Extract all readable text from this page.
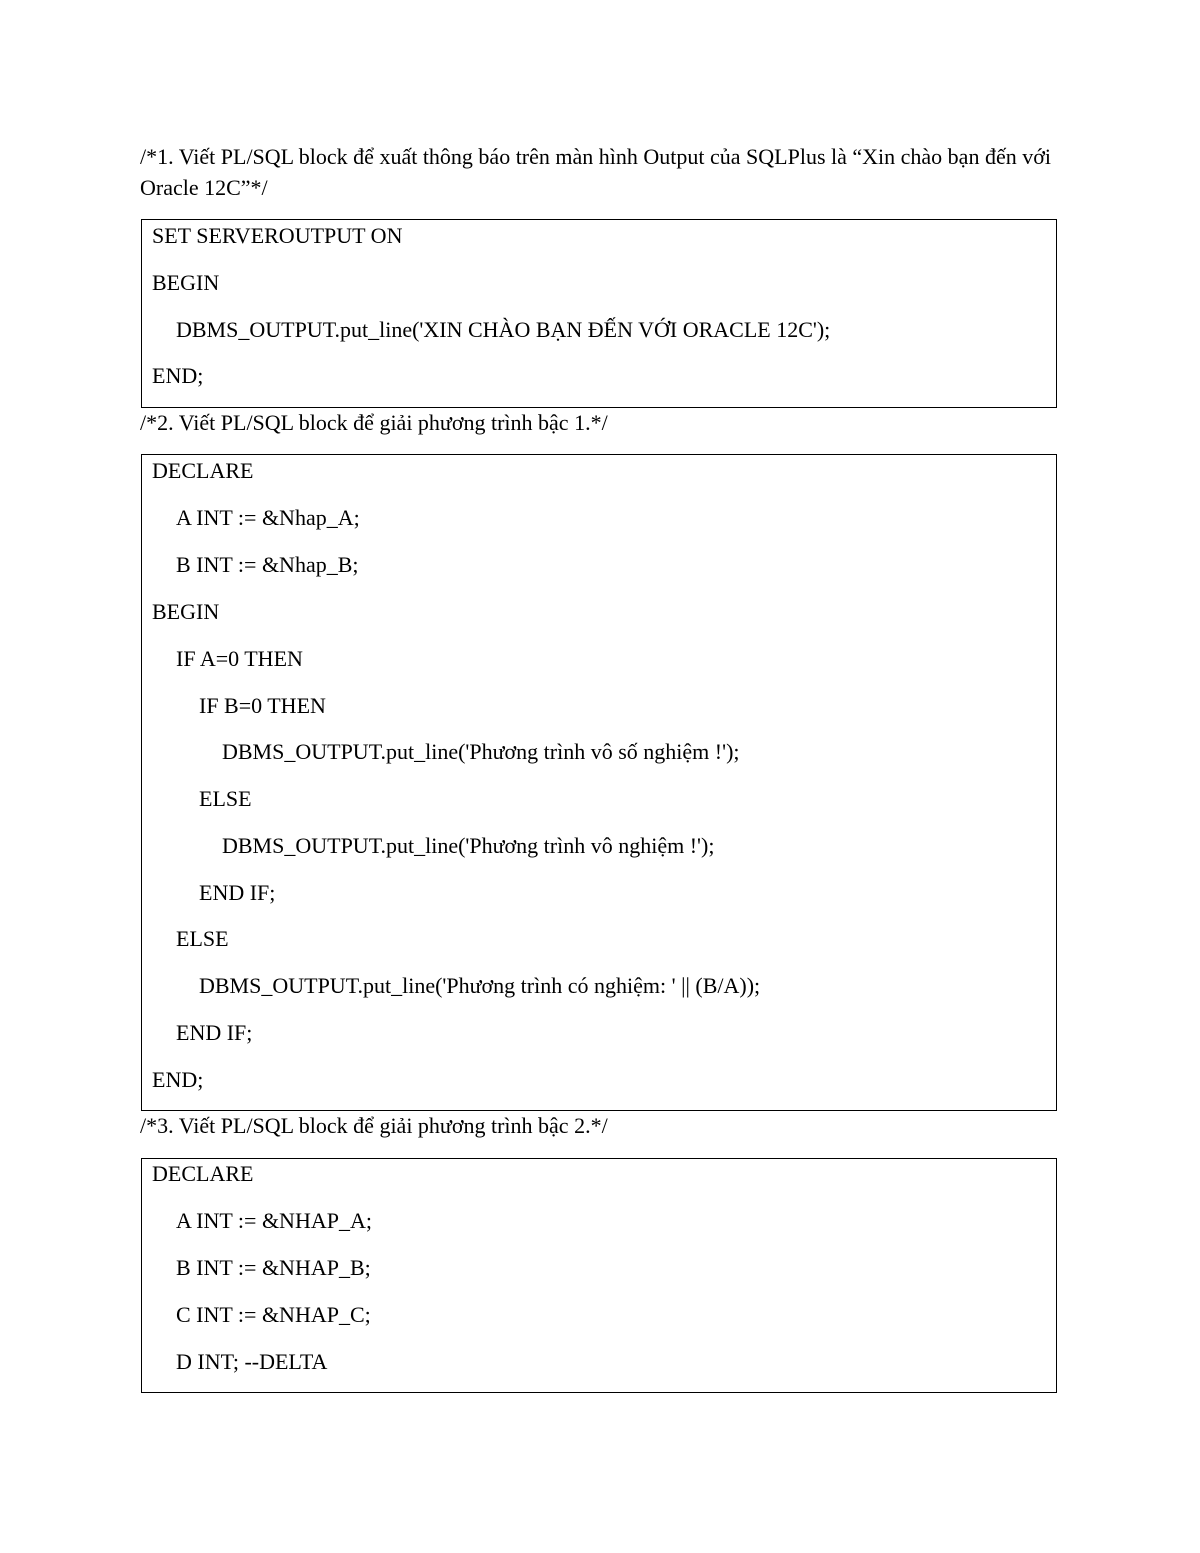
/*1. Viết PL/SQL block để xuất thông báo trên màn hình Output của SQLPlus là “Xin chào bạn đến với Oracle 12C”*/

SET SERVEROUTPUT ON
BEGIN
DBMS_OUTPUT.put_line('XIN CHÀO BẠN ĐẾN VỚI ORACLE 12C');
END;

/*2. Viết PL/SQL block để giải phương trình bậc 1.*/

DECLARE
A INT := &Nhap_A;
B INT := &Nhap_B;
BEGIN
IF A=0 THEN
IF B=0 THEN
DBMS_OUTPUT.put_line('Phương trình vô số nghiệm !');
ELSE
DBMS_OUTPUT.put_line('Phương trình vô nghiệm !');
END IF;
ELSE
DBMS_OUTPUT.put_line('Phương trình có nghiệm: ' || (B/A));
END IF;
END;

/*3. Viết PL/SQL block để giải phương trình bậc 2.*/

DECLARE
A INT := &NHAP_A;
B INT := &NHAP_B;
C INT := &NHAP_C;
D INT; --DELTA
